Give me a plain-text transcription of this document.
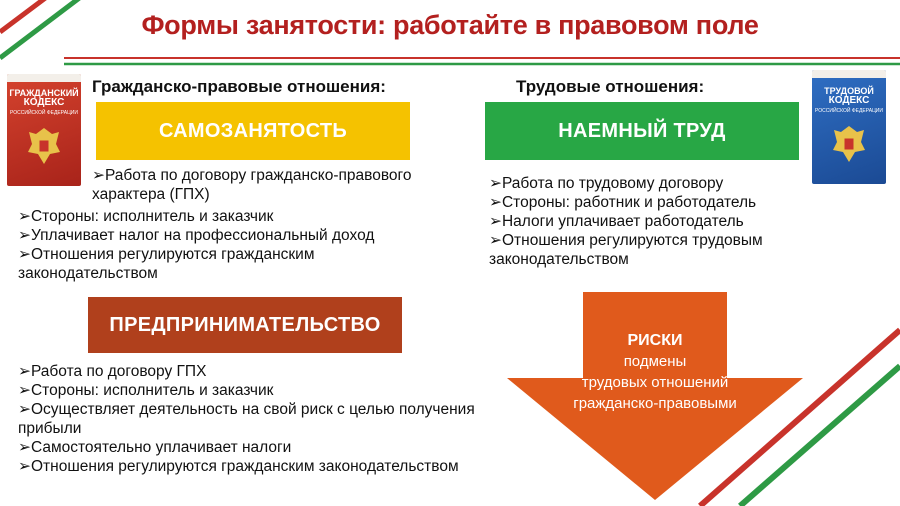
Формы занятости: работайте в правовом поле
ГРАЖДАНСКИЙ
КОДЕКС
РОССИЙСКОЙ ФЕДЕРАЦИИ
Гражданско-правовые отношения:
САМОЗАНЯТОСТЬ
➢Работа по договору гражданско-правового
характера (ГПХ)
➢Стороны: исполнитель и заказчик
➢Уплачивает налог на профессиональный доход
➢Отношения регулируются гражданским
законодательством
ПРЕДПРИНИМАТЕЛЬСТВО
➢Работа по договору ГПХ
➢Стороны: исполнитель и заказчик
➢Осуществляет деятельность на свой риск с целью получения
прибыли
➢Самостоятельно уплачивает налоги
➢Отношения регулируются гражданским законодательством
Трудовые отношения:
НАЕМНЫЙ ТРУД
ТРУДОВОЙ
КОДЕКС
РОССИЙСКОЙ ФЕДЕРАЦИИ
➢Работа по трудовому договору
➢Стороны: работник и работодатель
➢Налоги уплачивает работодатель
➢Отношения регулируются трудовым
законодательством
РИСКИ
подмены
трудовых отношений
гражданско-правовыми
